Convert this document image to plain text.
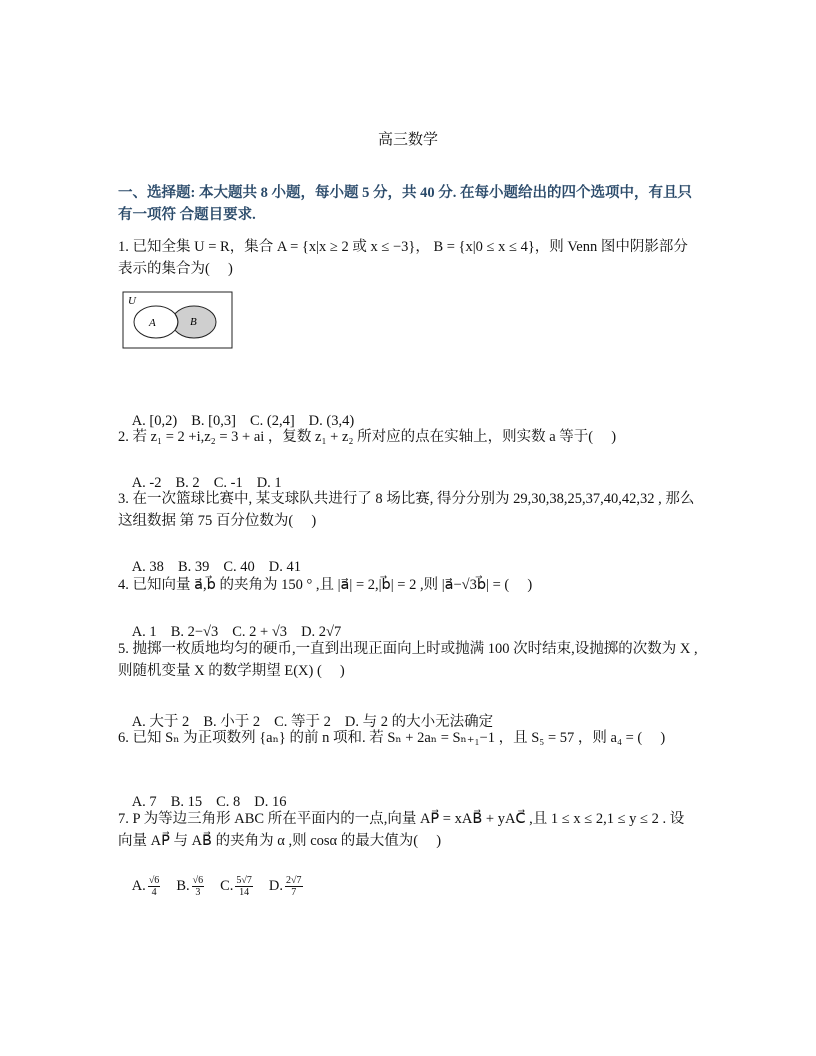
高三数学
一、选择题: 本大题共 8 小题，每小题 5 分，共 40 分. 在每小题给出的四个选项中，有且只有一项符 合题目要求.
1. 已知全集 U = R，集合 A = {x|x ≥ 2 或 x ≤ −3}， B = {x|0 ≤ x ≤ 4}，则 Venn 图中阴影部分表示的集合为(　 )
U
A	B

A. [0,2) B. [0,3] C. (2,4] D. (3,4)

2. 若 z₁ = 2 +i,z₂ = 3 + ai ，复数 z₁ + z₂ 所对应的点在实轴上，则实数 a 等于(　 )

A. -2 B. 2 C. -1 D. 1

3. 在一次篮球比赛中, 某支球队共进行了 8 场比赛, 得分分别为 29,30,38,25,37,40,42,32 , 那么这组数据 第 75 百分位数为(　 )

A. 38 B. 39 C. 40 D. 41

4. 已知向量 a⃗,b⃗ 的夹角为 150 ° ,且 |a⃗| = 2,|b⃗| = 2 ,则 |a⃗−√3b⃗| = (　 )

A. 1 B. 2−√3 C. 2 + √3 D. 2√7

5. 抛掷一枚质地均匀的硬币,一直到出现正面向上时或抛满 100 次时结束,设抛掷的次数为 X ,则随机变量 X 的数学期望 E(X) (　 )

A. 大于 2 B. 小于 2 C. 等于 2 D. 与 2 的大小无法确定

6. 已知 Sₙ 为正项数列 {aₙ} 的前 n 项和. 若 Sₙ + 2aₙ = Sₙ₊₁−1 ，且 S₅ = 57 ，则 a₄ = (　 )

A. 7 B. 15 C. 8 D. 16

7. P 为等边三角形 ABC 所在平面内的一点,向量 AP⃗ = xAB⃗ + yAC⃗ ,且 1 ≤ x ≤ 2,1 ≤ y ≤ 2 . 设向量 AP⃗ 与 AB⃗ 的夹角为 α ,则 cosα 的最大值为(　 )

A. $\frac{√6}{4} B$. $\frac{√6}{3} C$. $\frac{5√7}{14} D$. $\frac{2√7}{7}$
